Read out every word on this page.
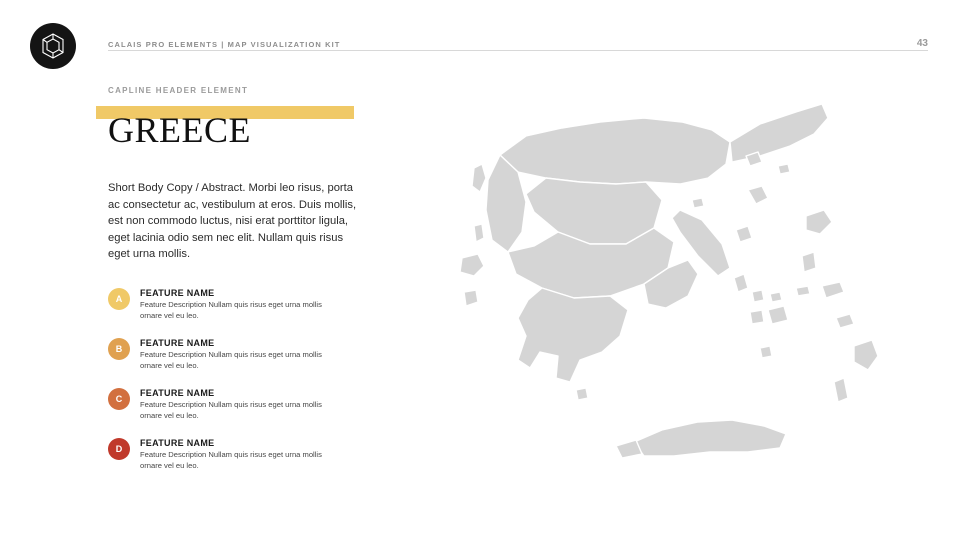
CALAIS PRO ELEMENTS | MAP VISUALIZATION KIT	43
CAPLINE HEADER ELEMENT
GREECE
Short Body Copy / Abstract. Morbi leo risus, porta ac consectetur ac, vestibulum at eros. Duis mollis, est non commodo luctus, nisi erat porttitor ligula, eget lacinia odio sem nec elit. Nullam quis risus eget urna mollis.
A
FEATURE NAME
Feature Description Nullam quis risus eget urna mollis ornare vel eu leo.
B
FEATURE NAME
Feature Description Nullam quis risus eget urna mollis ornare vel eu leo.
C
FEATURE NAME
Feature Description Nullam quis risus eget urna mollis ornare vel eu leo.
D
FEATURE NAME
Feature Description Nullam quis risus eget urna mollis ornare vel eu leo.
